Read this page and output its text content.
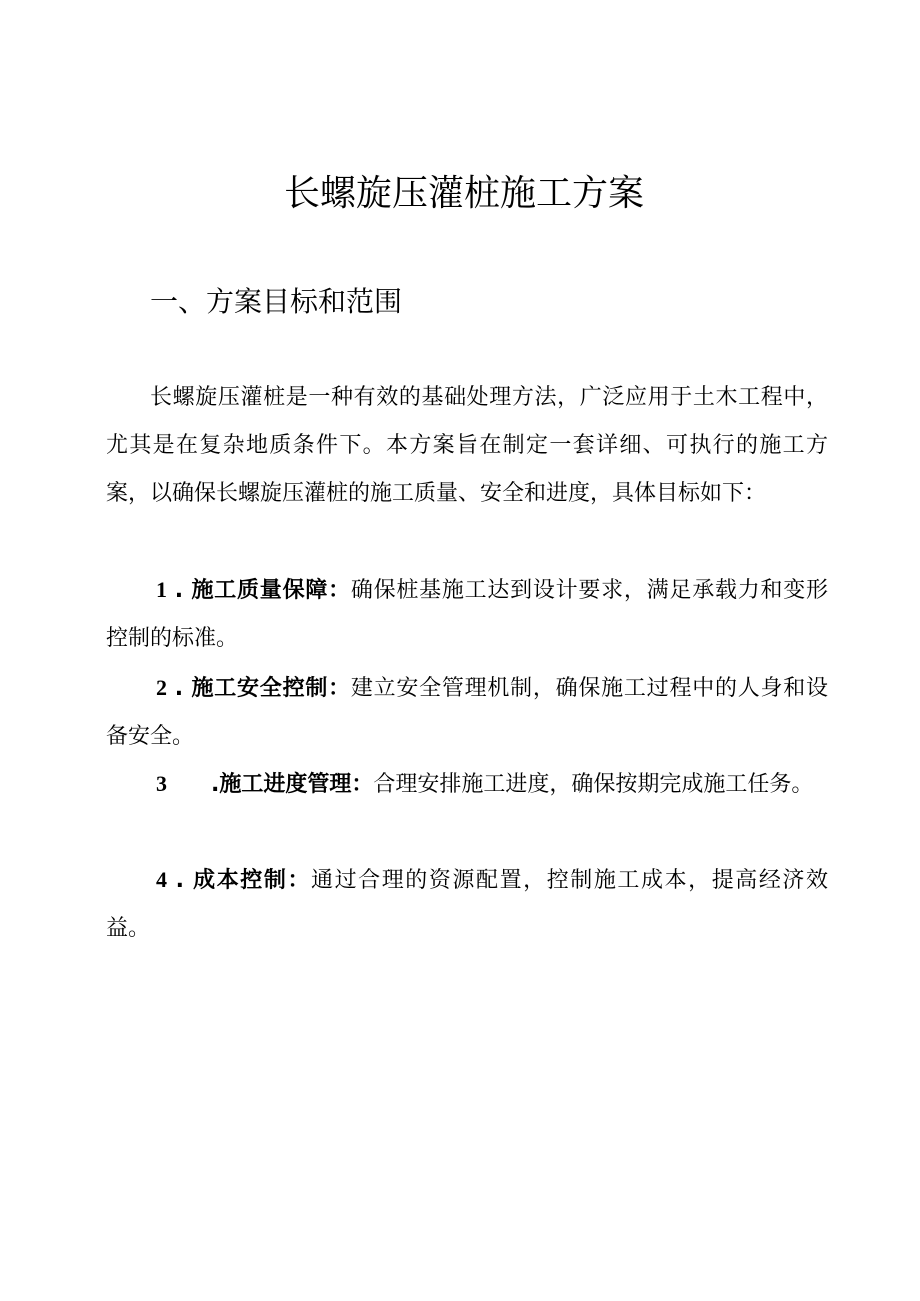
长螺旋压灌桩施工方案
一、方案目标和范围

长螺旋压灌桩是一种有效的基础处理方法，广泛应用于土木工程中，尤其是在复杂地质条件下。本方案旨在制定一套详细、可执行的施工方案，以确保长螺旋压灌桩的施工质量、安全和进度，具体目标如下：

1 . 施工质量保障：确保桩基施工达到设计要求，满足承载力和变形控制的标准。

2 . 施工安全控制：建立安全管理机制，确保施工过程中的人身和设备安全。

3 .施工进度管理：合理安排施工进度，确保按期完成施工任务。

4 . 成本控制：通过合理的资源配置，控制施工成本，提高经济效益。
